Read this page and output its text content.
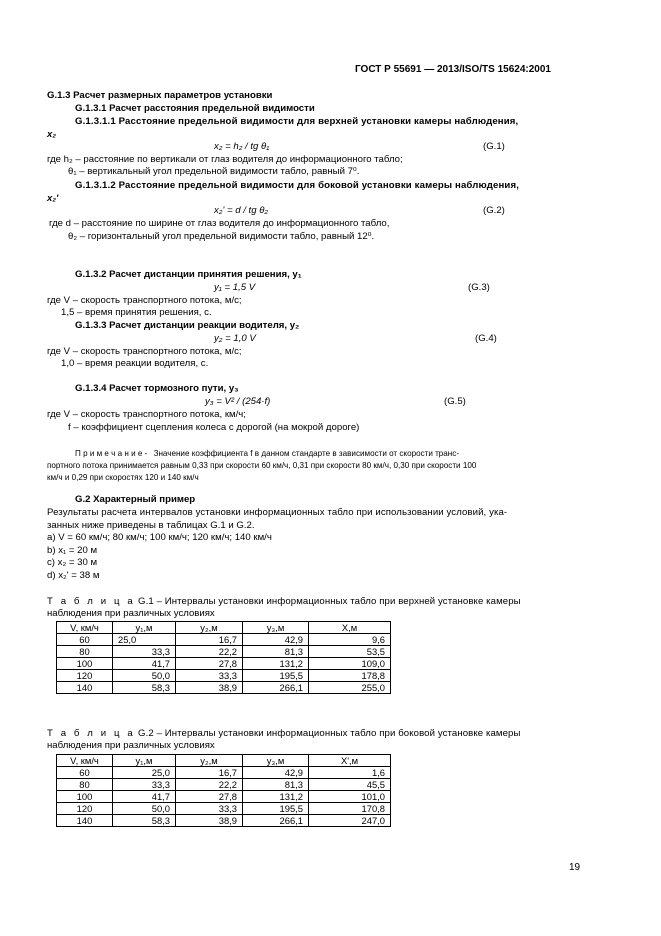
ГОСТ Р 55691 — 2013/ISO/TS 15624:2001
G.1.3 Расчет размерных параметров установки
G.1.3.1 Расчет расстояния предельной видимости
G.1.3.1.1 Расстояние предельной видимости для верхней установки камеры наблюдения,
x₂
x₂ = h₂ / tg θ₁	(G.1)
где h₂ – расстояние по вертикали от глаз водителя до информационного табло;
θ₁ – вертикальный угол предельной видимости табло, равный 7⁰.
G.1.3.1.2 Расстояние предельной видимости для боковой установки камеры наблюдения,
x₂'
x₂' = d / tg θ₂	(G.2)
где d – расстояние по ширине от глаз водителя до информационного табло,
θ₂ – горизонтальный угол предельной видимости табло, равный 12⁰.
G.1.3.2 Расчет дистанции принятия решения, y₁
y₁ = 1,5 V	(G.3)
где V – скорость транспортного потока, м/с;
1,5 – время принятия решения, с.
G.1.3.3 Расчет дистанции реакции водителя, y₂
y₂ = 1,0 V	(G.4)
где V – скорость транспортного потока, м/с;
1,0 – время реакции водителя, с.
G.1.3.4 Расчет тормозного пути, y₃
y₃ = V² / (254·f)	(G.5)
где V – скорость транспортного потока, км/ч;
f – коэффициент сцепления колеса с дорогой (на мокрой дороге)
П р и м е ч а н и е - Значение коэффициента f в данном стандарте в зависимости от скорости транс-
портного потока принимается равным 0,33 при скорости 60 км/ч, 0,31 при скорости 80 км/ч, 0,30 при скорости 100
км/ч и 0,29 при скоростях 120 и 140 км/ч
G.2 Характерный пример
Результаты расчета интервалов установки информационных табло при использовании условий, ука-
занных ниже приведены в таблицах G.1 и G.2.
a) V = 60 км/ч; 80 км/ч; 100 км/ч; 120 км/ч; 140 км/ч
b) x₁ = 20 м
c) x₂ = 30 м
d) x₂' = 38 м
Т а б л и ц а G.1 – Интервалы установки информационных табло при верхней установке камеры
наблюдения при различных условиях
V, км/ч	y₁,м	y₂,м	y₃,м	X,м
60	25,0	16,7	42,9	9,6
80	33,3	22,2	81,3	53,5
100	41,7	27,8	131,2	109,0
120	50,0	33,3	195,5	178,8
140	58,3	38,9	266,1	255,0
Т а б л и ц а G.2 – Интервалы установки информационных табло при боковой установке камеры
наблюдения при различных условиях
V, км/ч	y₁,м	y₂,м	y₃,м	X',м
60	25,0	16,7	42,9	1,6
80	33,3	22,2	81,3	45,5
100	41,7	27,8	131,2	101,0
120	50,0	33,3	195,5	170,8
140	58,3	38,9	266,1	247,0
19
